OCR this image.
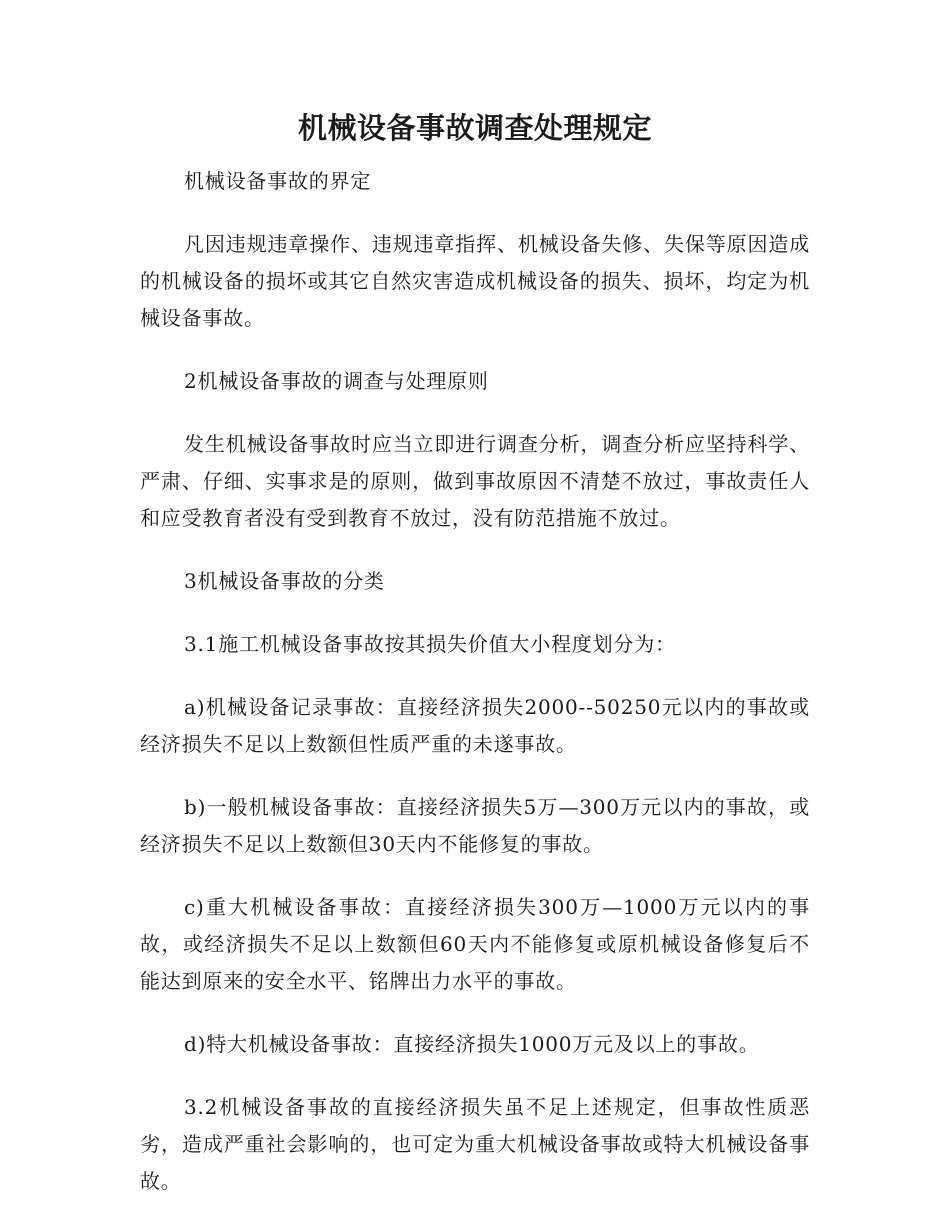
机械设备事故调查处理规定

机械设备事故的界定

凡因违规违章操作、违规违章指挥、机械设备失修、失保等原因造成的机械设备的损坏或其它自然灾害造成机械设备的损失、损坏，均定为机械设备事故。

2机械设备事故的调查与处理原则

发生机械设备事故时应当立即进行调查分析，调查分析应坚持科学、严肃、仔细、实事求是的原则，做到事故原因不清楚不放过，事故责任人和应受教育者没有受到教育不放过，没有防范措施不放过。

3机械设备事故的分类

3.1施工机械设备事故按其损失价值大小程度划分为：

a)机械设备记录事故：直接经济损失2000--50250元以内的事故或经济损失不足以上数额但性质严重的未遂事故。

b)一般机械设备事故：直接经济损失5万—300万元以内的事故，或经济损失不足以上数额但30天内不能修复的事故。

c)重大机械设备事故：直接经济损失300万—1000万元以内的事故，或经济损失不足以上数额但60天内不能修复或原机械设备修复后不能达到原来的安全水平、铭牌出力水平的事故。

d)特大机械设备事故：直接经济损失1000万元及以上的事故。

3.2机械设备事故的直接经济损失虽不足上述规定，但事故性质恶劣，造成严重社会影响的，也可定为重大机械设备事故或特大机械设备事故。
